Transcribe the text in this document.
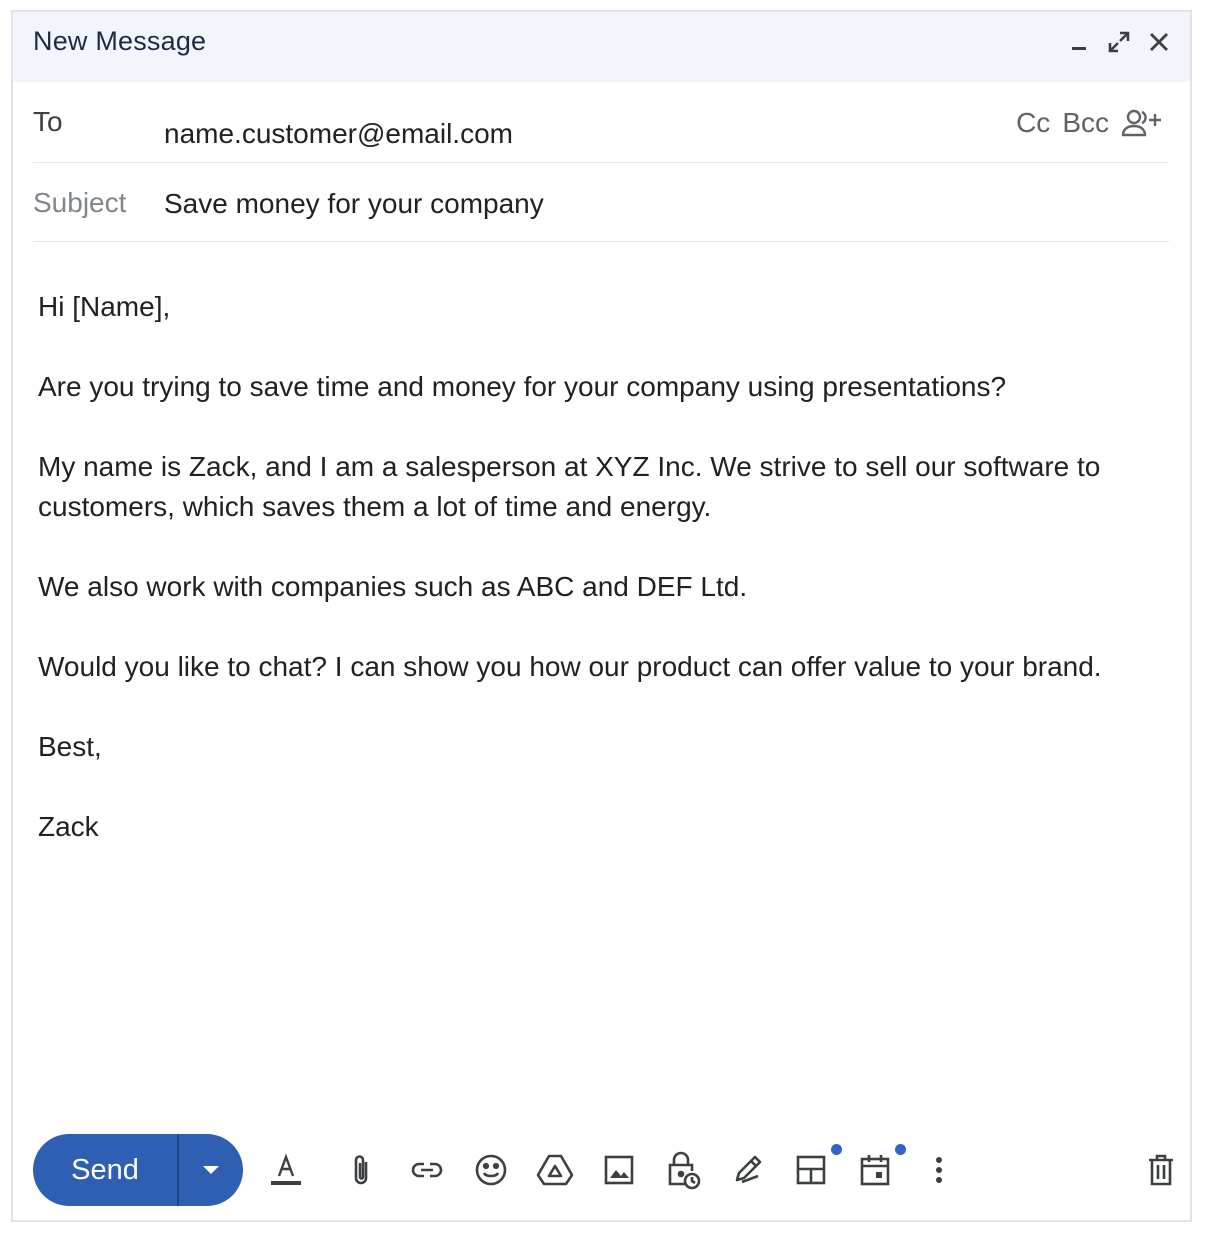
New Message
To	name.customer@email.com	Cc Bcc
Subject Save money for your company

Hi [Name],

Are you trying to save time and money for your company using presentations?

My name is Zack, and I am a salesperson at XYZ Inc. We strive to sell our software to customers, which saves them a lot of time and energy.

We also work with companies such as ABC and DEF Ltd.

Would you like to chat? I can show you how our product can offer value to your brand.

Best,

Zack

Send
